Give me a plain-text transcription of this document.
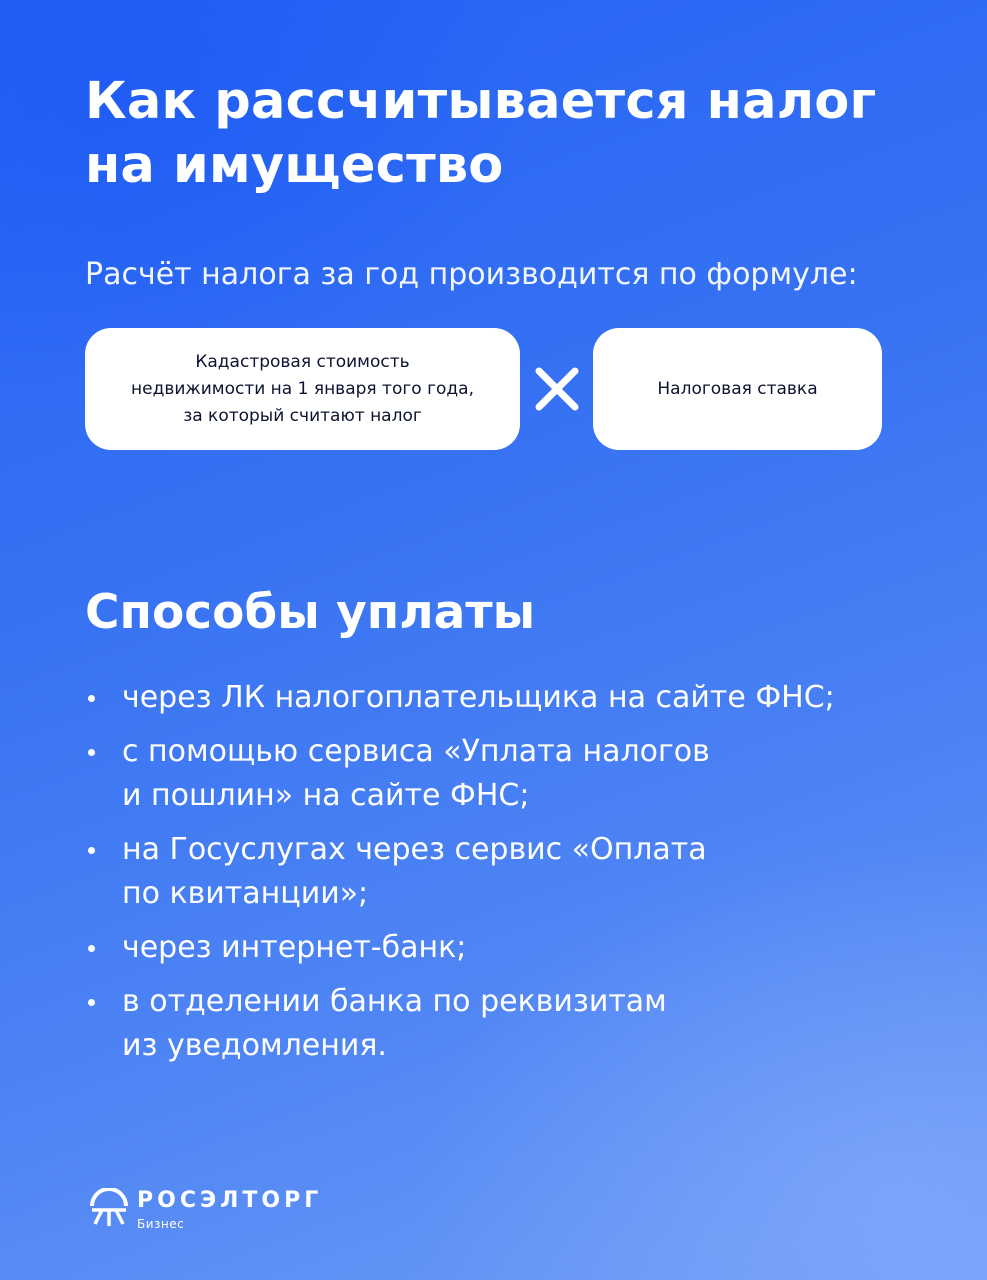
Как рассчитывается налог
на имущество

Расчёт налога за год производится по формуле:

Кадастровая стоимость
недвижимости на 1 января того года,
за который считают налог
Налоговая ставка
Способы уплаты
через ЛК налогоплательщика на сайте ФНС;
с помощью сервиса «Уплата налогов
и пошлин» на сайте ФНС;
на Госуслугах через сервис «Оплата
по квитанции»;
через интернет-банк;
в отделении банка по реквизитам
из уведомления.
РОСЭЛТОРГ
Бизнес
